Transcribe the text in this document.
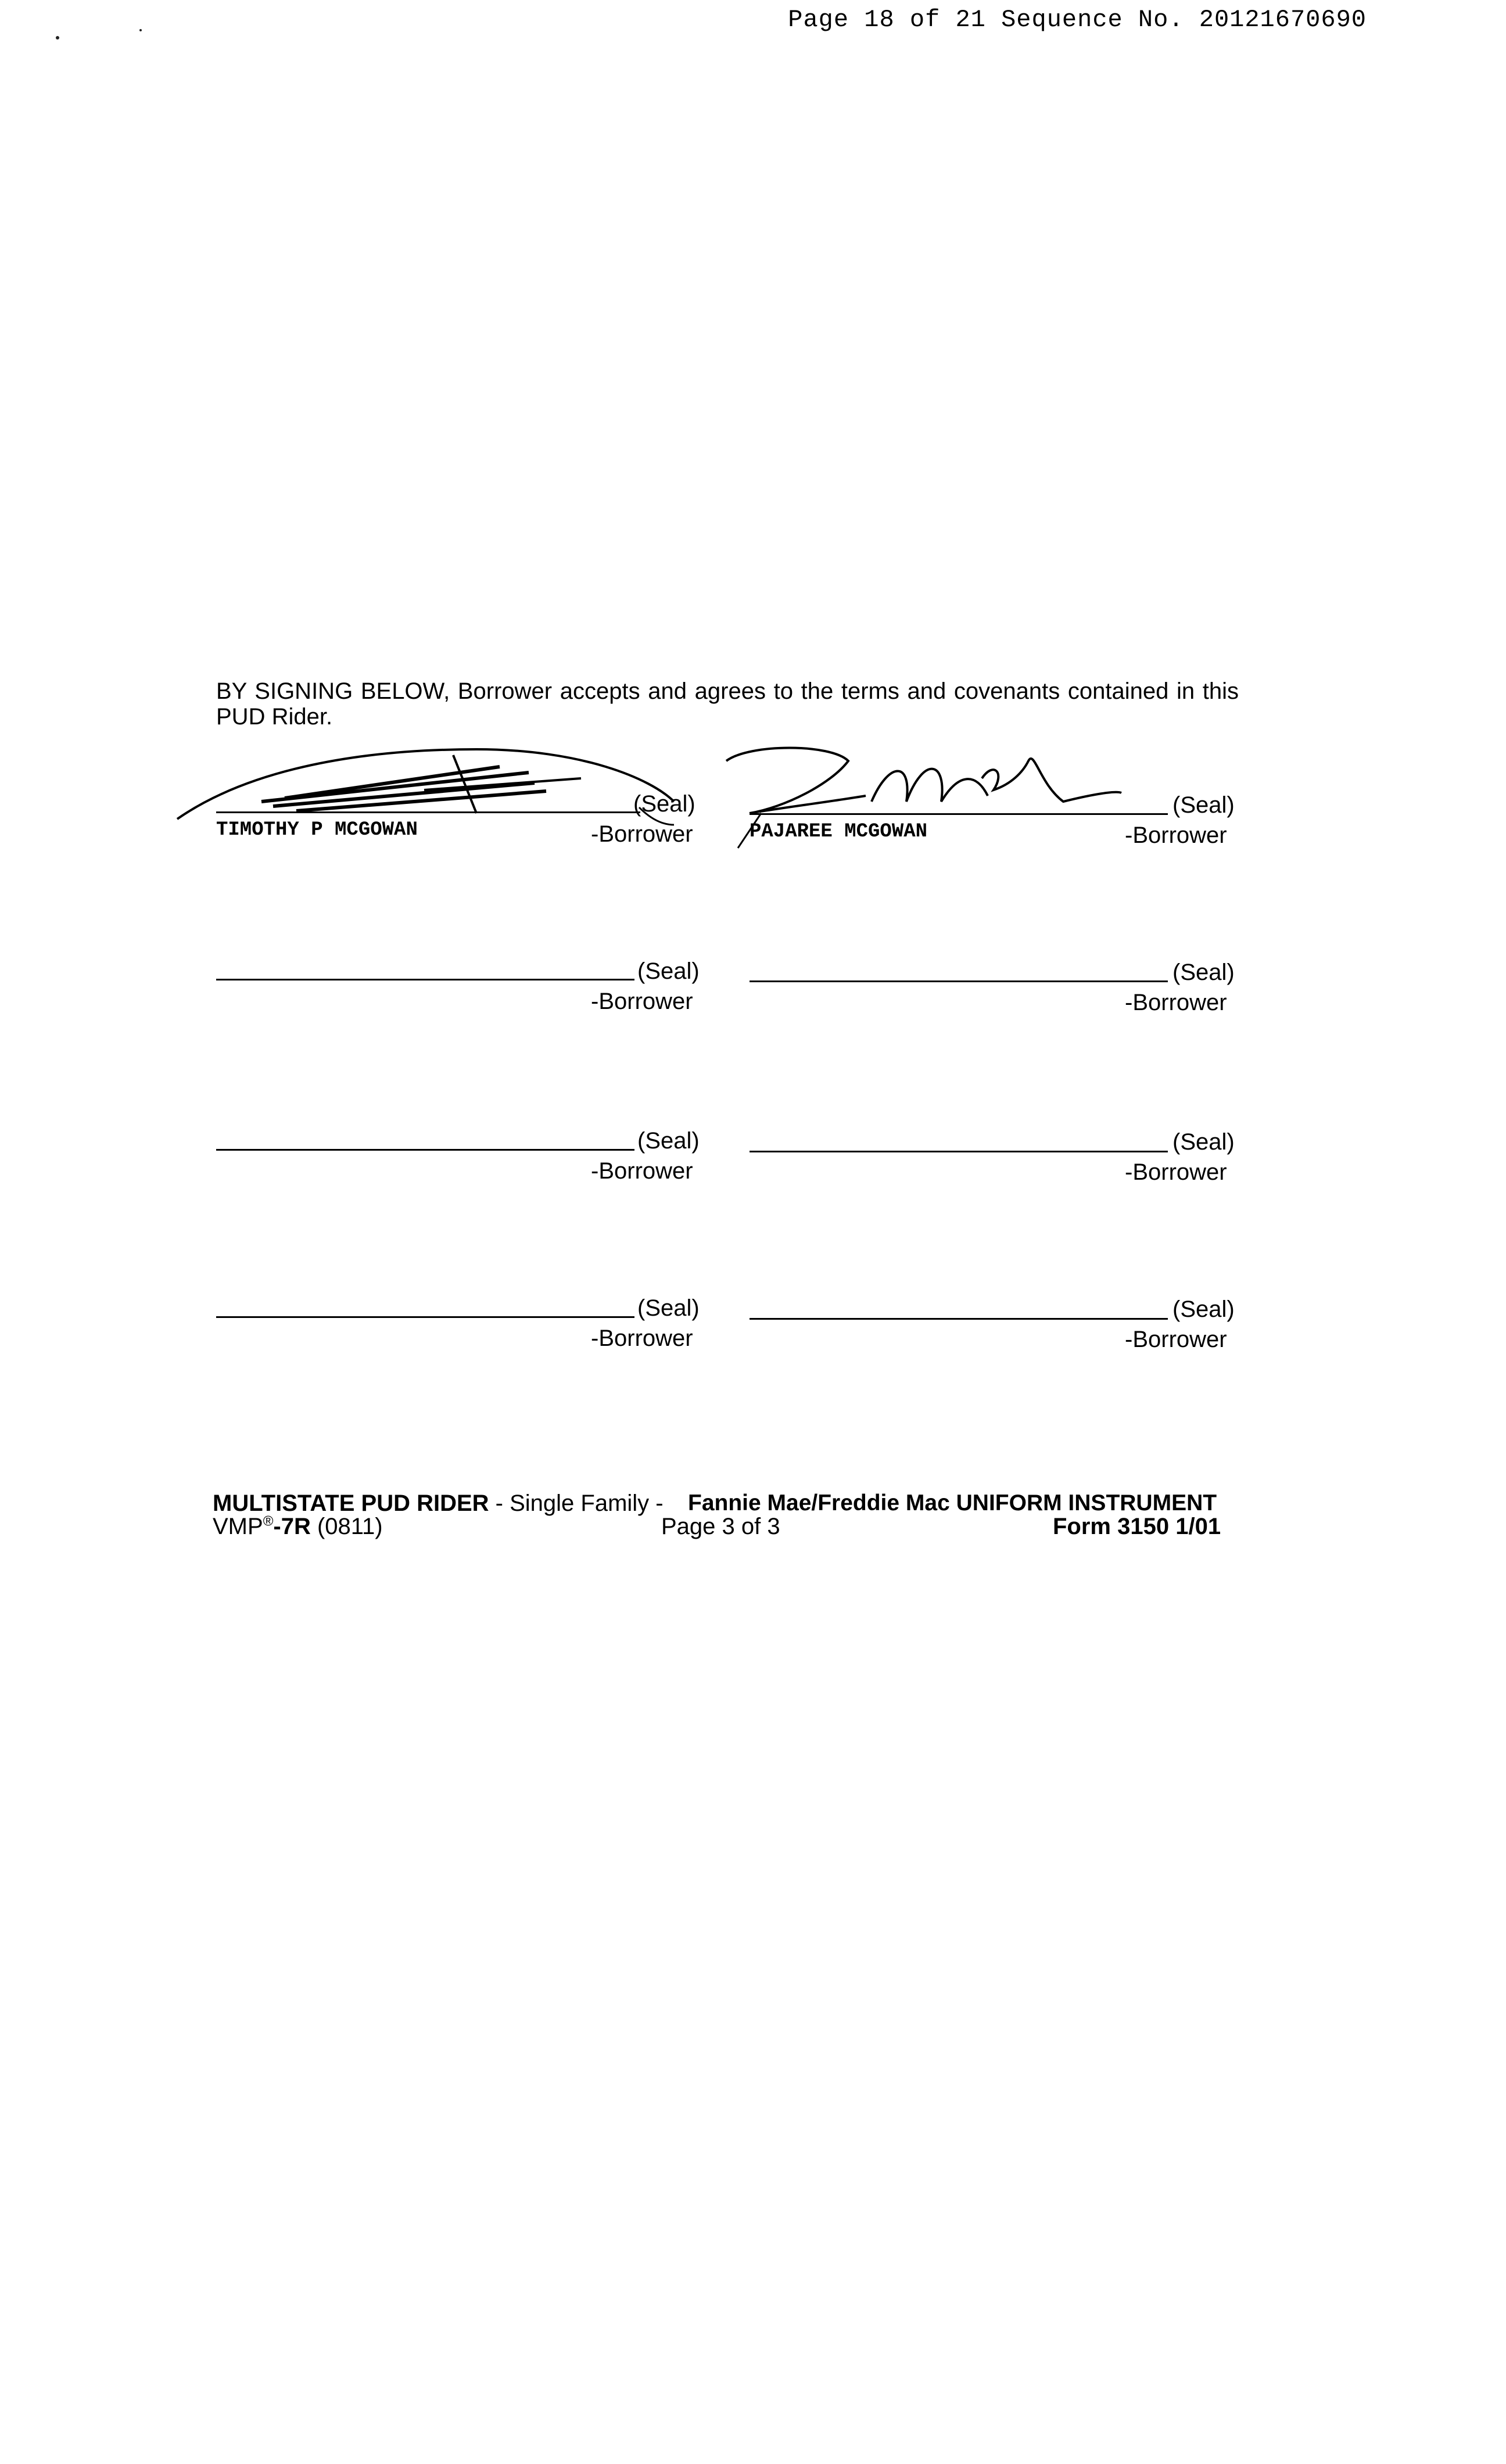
Page 18 of 21 Sequence No. 20121670690
BY SIGNING BELOW, Borrower accepts and agrees to the terms and covenants contained in this PUD Rider.
(Seal)
TIMOTHY P MCGOWAN	-Borrower
(Seal)
PAJAREE MCGOWAN	-Borrower
(Seal)
-Borrower
(Seal)
-Borrower
(Seal)
-Borrower
(Seal)
-Borrower
(Seal)
-Borrower
(Seal)
-Borrower
MULTISTATE PUD RIDER - Single Family - Fannie Mae/Freddie Mac UNIFORM INSTRUMENT
VMP®-7R (0811)	Page 3 of 3	Form 3150 1/01
